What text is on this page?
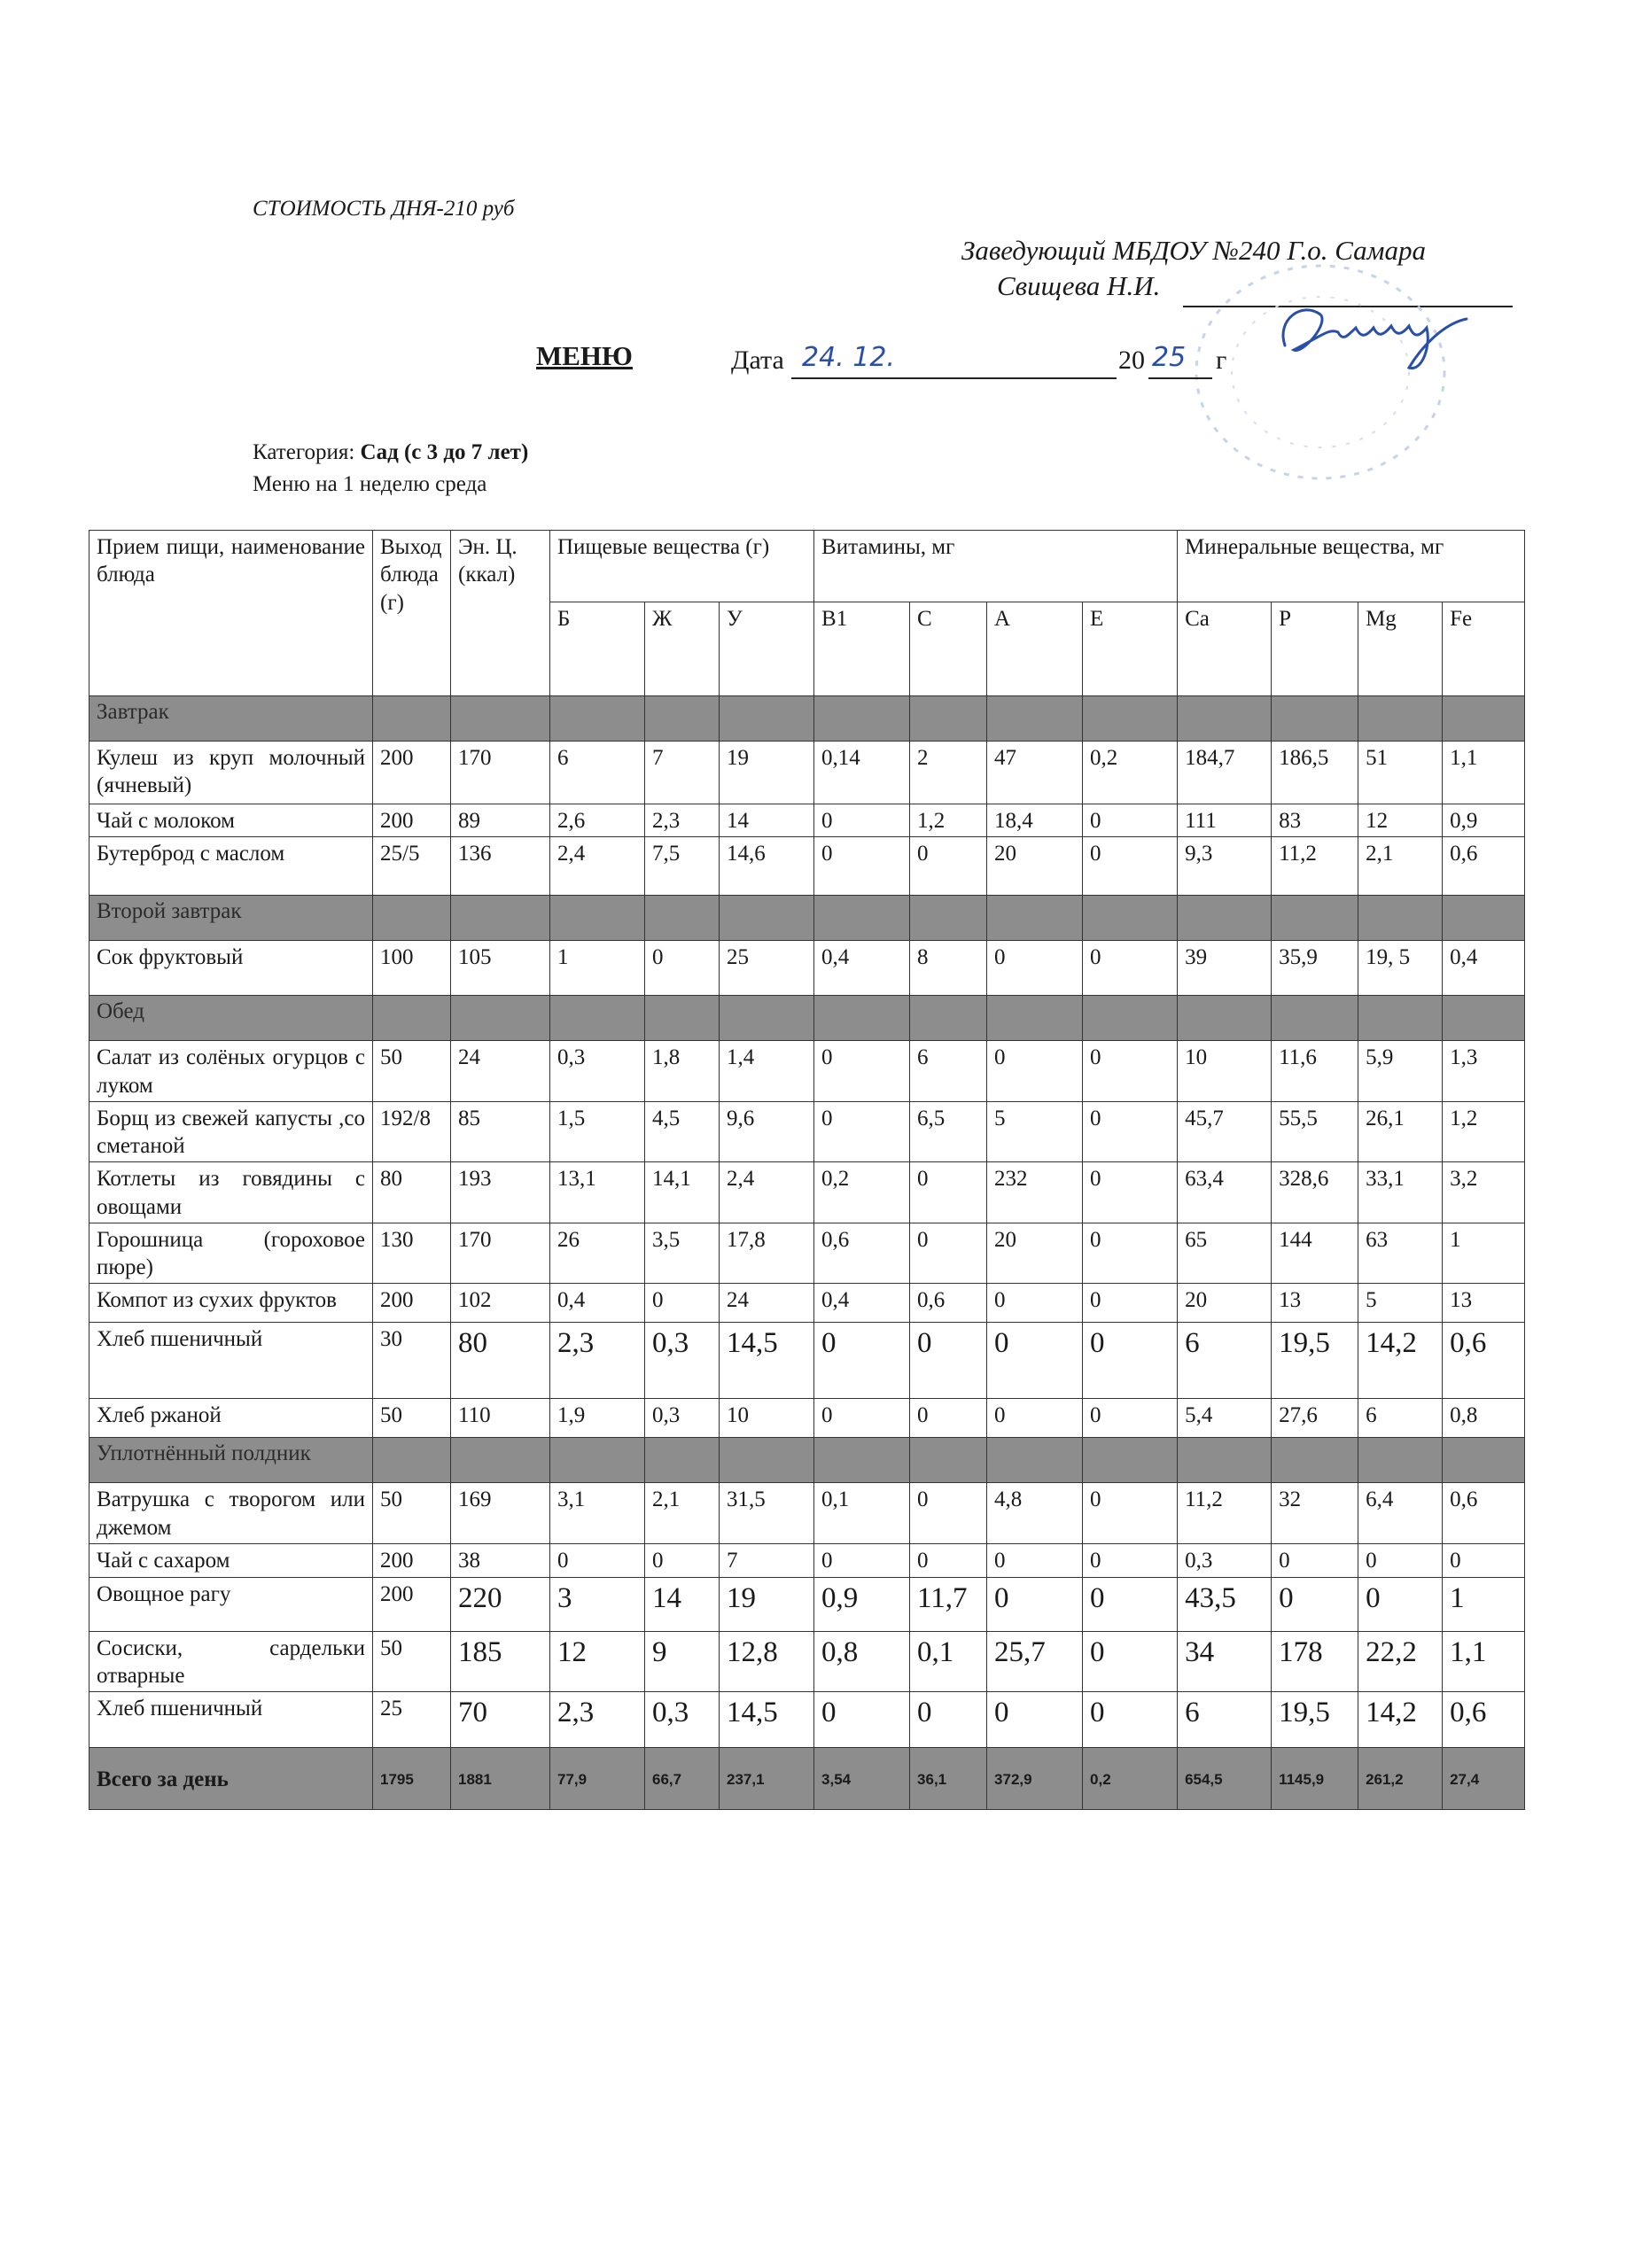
СТОИМОСТЬ ДНЯ-210 руб
Заведующий МБДОУ №240 Г.о. Самара
Свищева Н.И.
МЕНЮ	Дата 24. 12.	20 25 г
Категория: Сад (с 3 до 7 лет)
Меню на 1 неделю среда
Прием пищи, наименование блюда	Выход блюда (г)	Эн. Ц. (ккал)	Пищевые вещества (г)			Витамины, мг				Минеральные вещества, мг			
			Б	Ж	У	В1	С	А	Е	Са	Р	Mg	Fe
Завтрак													
Кулеш из круп молочный (ячневый)	200	170	6	7	19	0,14	2	47	0,2	184,7	186,5	51	1,1
Чай с молоком	200	89	2,6	2,3	14	0	1,2	18,4	0	111	83	12	0,9
Бутерброд с маслом	25/5	136	2,4	7,5	14,6	0	0	20	0	9,3	11,2	2,1	0,6
Второй завтрак													
Сок фруктовый	100	105	1	0	25	0,4	8	0	0	39	35,9	19, 5	0,4
Обед													
Салат из солёных огурцов с луком	50	24	0,3	1,8	1,4	0	6	0	0	10	11,6	5,9	1,3
Борщ из свежей капусты ,со сметаной	192/8	85	1,5	4,5	9,6	0	6,5	5	0	45,7	55,5	26,1	1,2
Котлеты из говядины с овощами	80	193	13,1	14,1	2,4	0,2	0	232	0	63,4	328,6	33,1	3,2
Горошница (гороховое пюре)	130	170	26	3,5	17,8	0,6	0	20	0	65	144	63	1
Компот из сухих фруктов	200	102	0,4	0	24	0,4	0,6	0	0	20	13	5	13
Хлеб пшеничный	30	80	2,3	0,3	14,5	0	0	0	0	6	19,5	14,2	0,6
Хлеб ржаной	50	110	1,9	0,3	10	0	0	0	0	5,4	27,6	6	0,8
Уплотнённый полдник													
Ватрушка с творогом или джемом	50	169	3,1	2,1	31,5	0,1	0	4,8	0	11,2	32	6,4	0,6
Чай с сахаром	200	38	0	0	7	0	0	0	0	0,3	0	0	0
Овощное рагу	200	220	3	14	19	0,9	11,7	0	0	43,5	0	0	1
Сосиски, сардельки отварные	50	185	12	9	12,8	0,8	0,1	25,7	0	34	178	22,2	1,1
Хлеб пшеничный	25	70	2,3	0,3	14,5	0	0	0	0	6	19,5	14,2	0,6
Всего за день	1795	1881	77,9	66,7	237,1	3,54	36,1	372,9	0,2	654,5	1145,9	261,2	27,4
